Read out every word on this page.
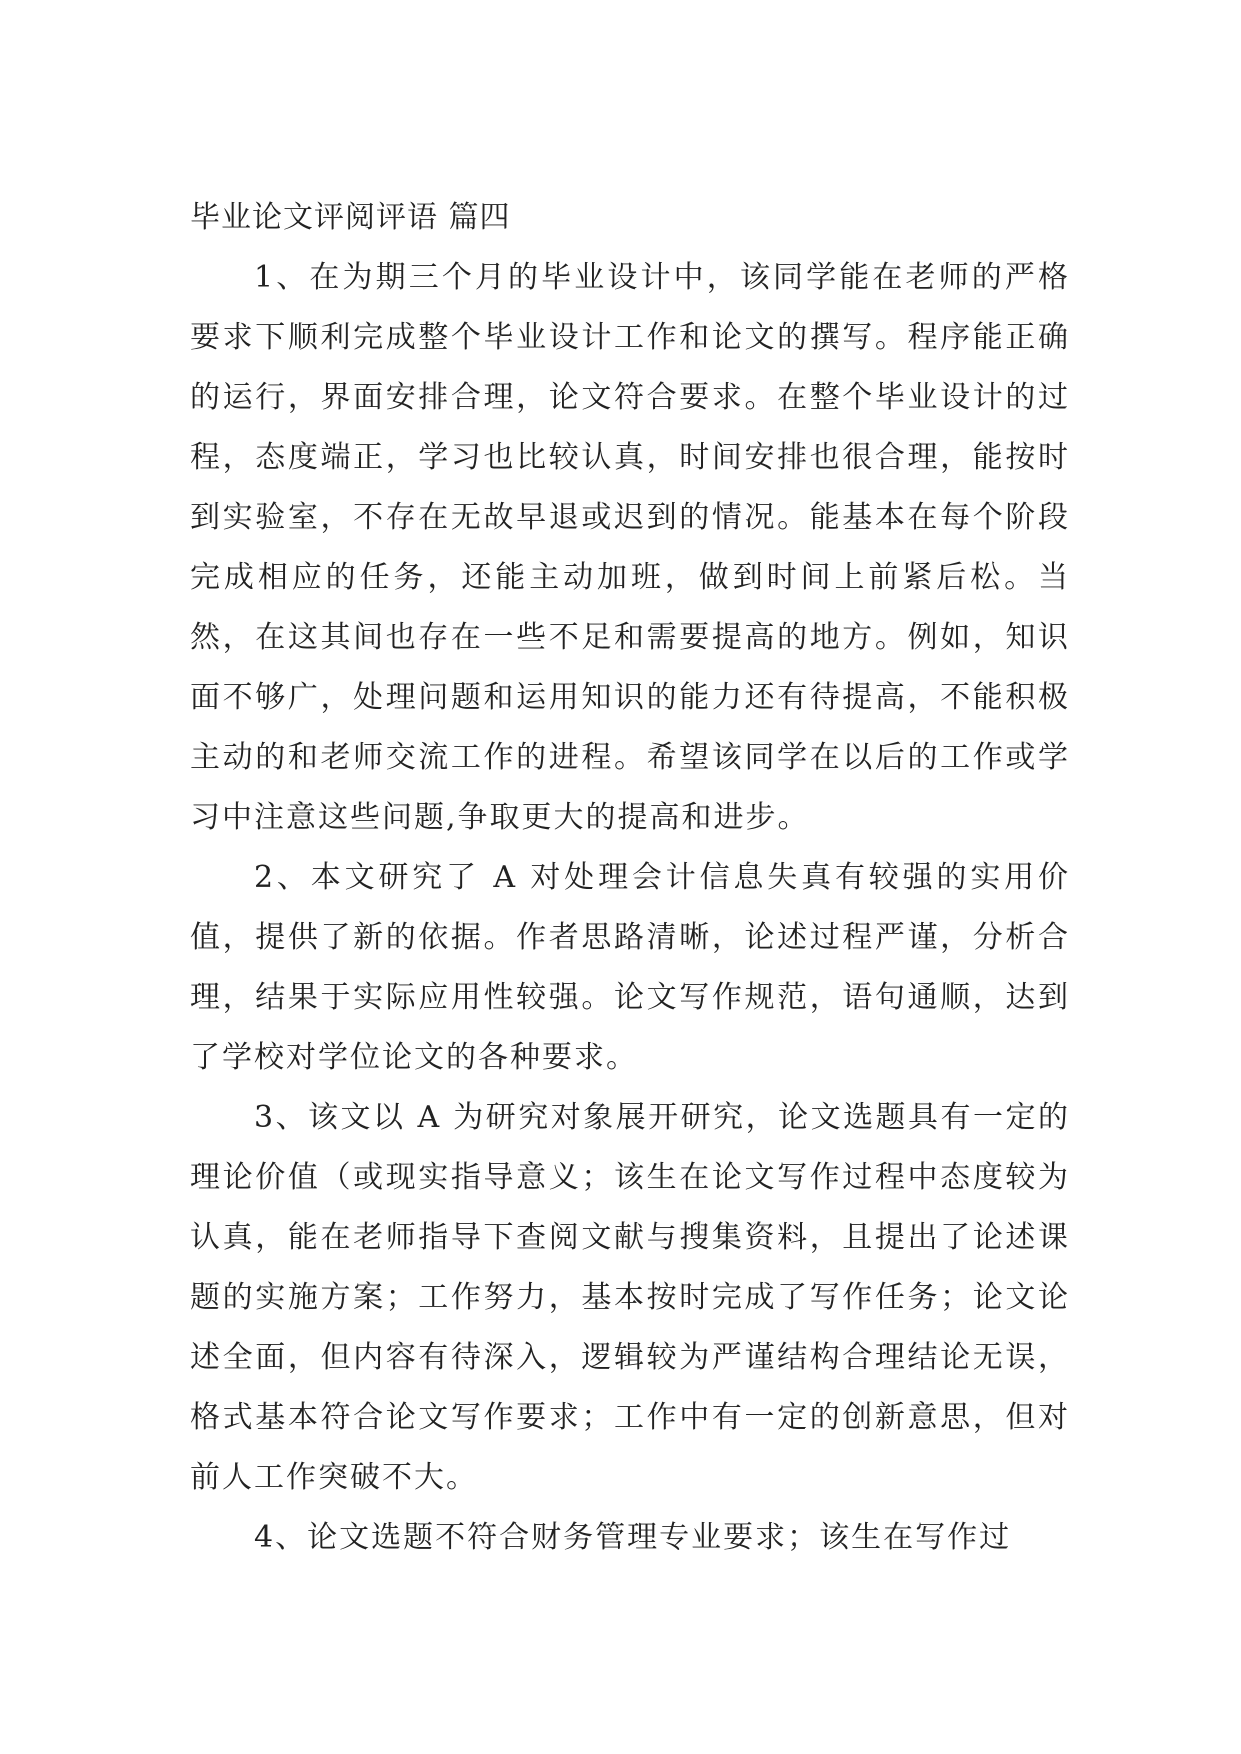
毕业论文评阅评语 篇四

1、在为期三个月的毕业设计中，该同学能在老师的严格要求下顺利完成整个毕业设计工作和论文的撰写。程序能正确的运行，界面安排合理，论文符合要求。在整个毕业设计的过程，态度端正，学习也比较认真，时间安排也很合理，能按时到实验室，不存在无故早退或迟到的情况。能基本在每个阶段完成相应的任务，还能主动加班，做到时间上前紧后松。当然，在这其间也存在一些不足和需要提高的地方。例如，知识面不够广，处理问题和运用知识的能力还有待提高，不能积极主动的和老师交流工作的进程。希望该同学在以后的工作或学习中注意这些问题,争取更大的提高和进步。

2、本文研究了 A 对处理会计信息失真有较强的实用价值，提供了新的依据。作者思路清晰，论述过程严谨，分析合理，结果于实际应用性较强。论文写作规范，语句通顺，达到了学校对学位论文的各种要求。

3、该文以 A 为研究对象展开研究，论文选题具有一定的理论价值（或现实指导意义；该生在论文写作过程中态度较为认真，能在老师指导下查阅文献与搜集资料，且提出了论述课题的实施方案；工作努力，基本按时完成了写作任务；论文论述全面，但内容有待深入，逻辑较为严谨结构合理结论无误，格式基本符合论文写作要求；工作中有一定的创新意思，但对前人工作突破不大。

4、论文选题不符合财务管理专业要求；该生在写作过
